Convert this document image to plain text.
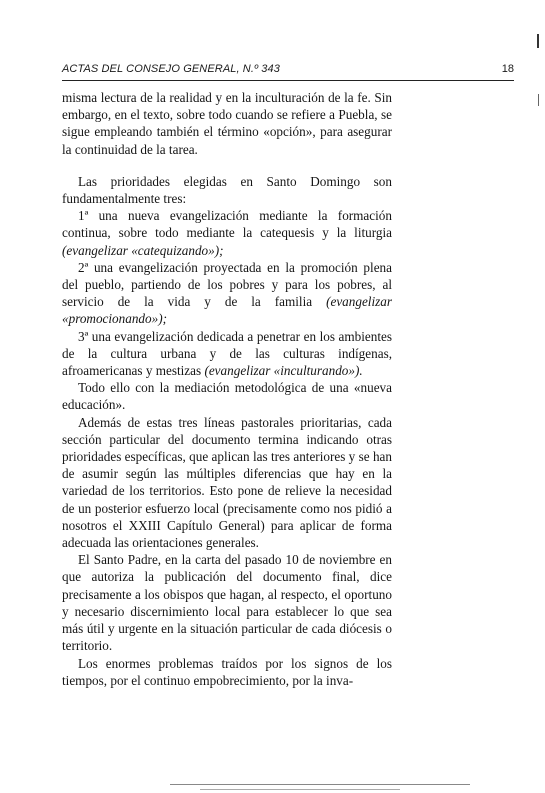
ACTAS DEL CONSEJO GENERAL, N.º 343	18

misma lectura de la realidad y en la inculturación de la fe. Sin embargo, en el texto, sobre todo cuando se refiere a Puebla, se sigue empleando también el término «opción», para asegurar la continuidad de la tarea.

Las prioridades elegidas en Santo Domingo son fundamentalmente tres:

1ª una nueva evangelización mediante la formación continua, sobre todo mediante la catequesis y la liturgia (evangelizar «catequizando»);

2ª una evangelización proyectada en la promoción plena del pueblo, partiendo de los pobres y para los pobres, al servicio de la vida y de la familia (evangelizar «promocionando»);

3ª una evangelización dedicada a penetrar en los ambientes de la cultura urbana y de las culturas indígenas, afroamericanas y mestizas (evangelizar «inculturando»).

Todo ello con la mediación metodológica de una «nueva educación».

Además de estas tres líneas pastorales prioritarias, cada sección particular del documento termina indicando otras prioridades específicas, que aplican las tres anteriores y se han de asumir según las múltiples diferencias que hay en la variedad de los territorios. Esto pone de relieve la necesidad de un posterior esfuerzo local (precisamente como nos pidió a nosotros el XXIII Capítulo General) para aplicar de forma adecuada las orientaciones generales.

El Santo Padre, en la carta del pasado 10 de noviembre en que autoriza la publicación del documento final, dice precisamente a los obispos que hagan, al respecto, el oportuno y necesario discernimiento local para establecer lo que sea más útil y urgente en la situación particular de cada diócesis o territorio.

Los enormes problemas traídos por los signos de los tiempos, por el continuo empobrecimiento, por la inva-
